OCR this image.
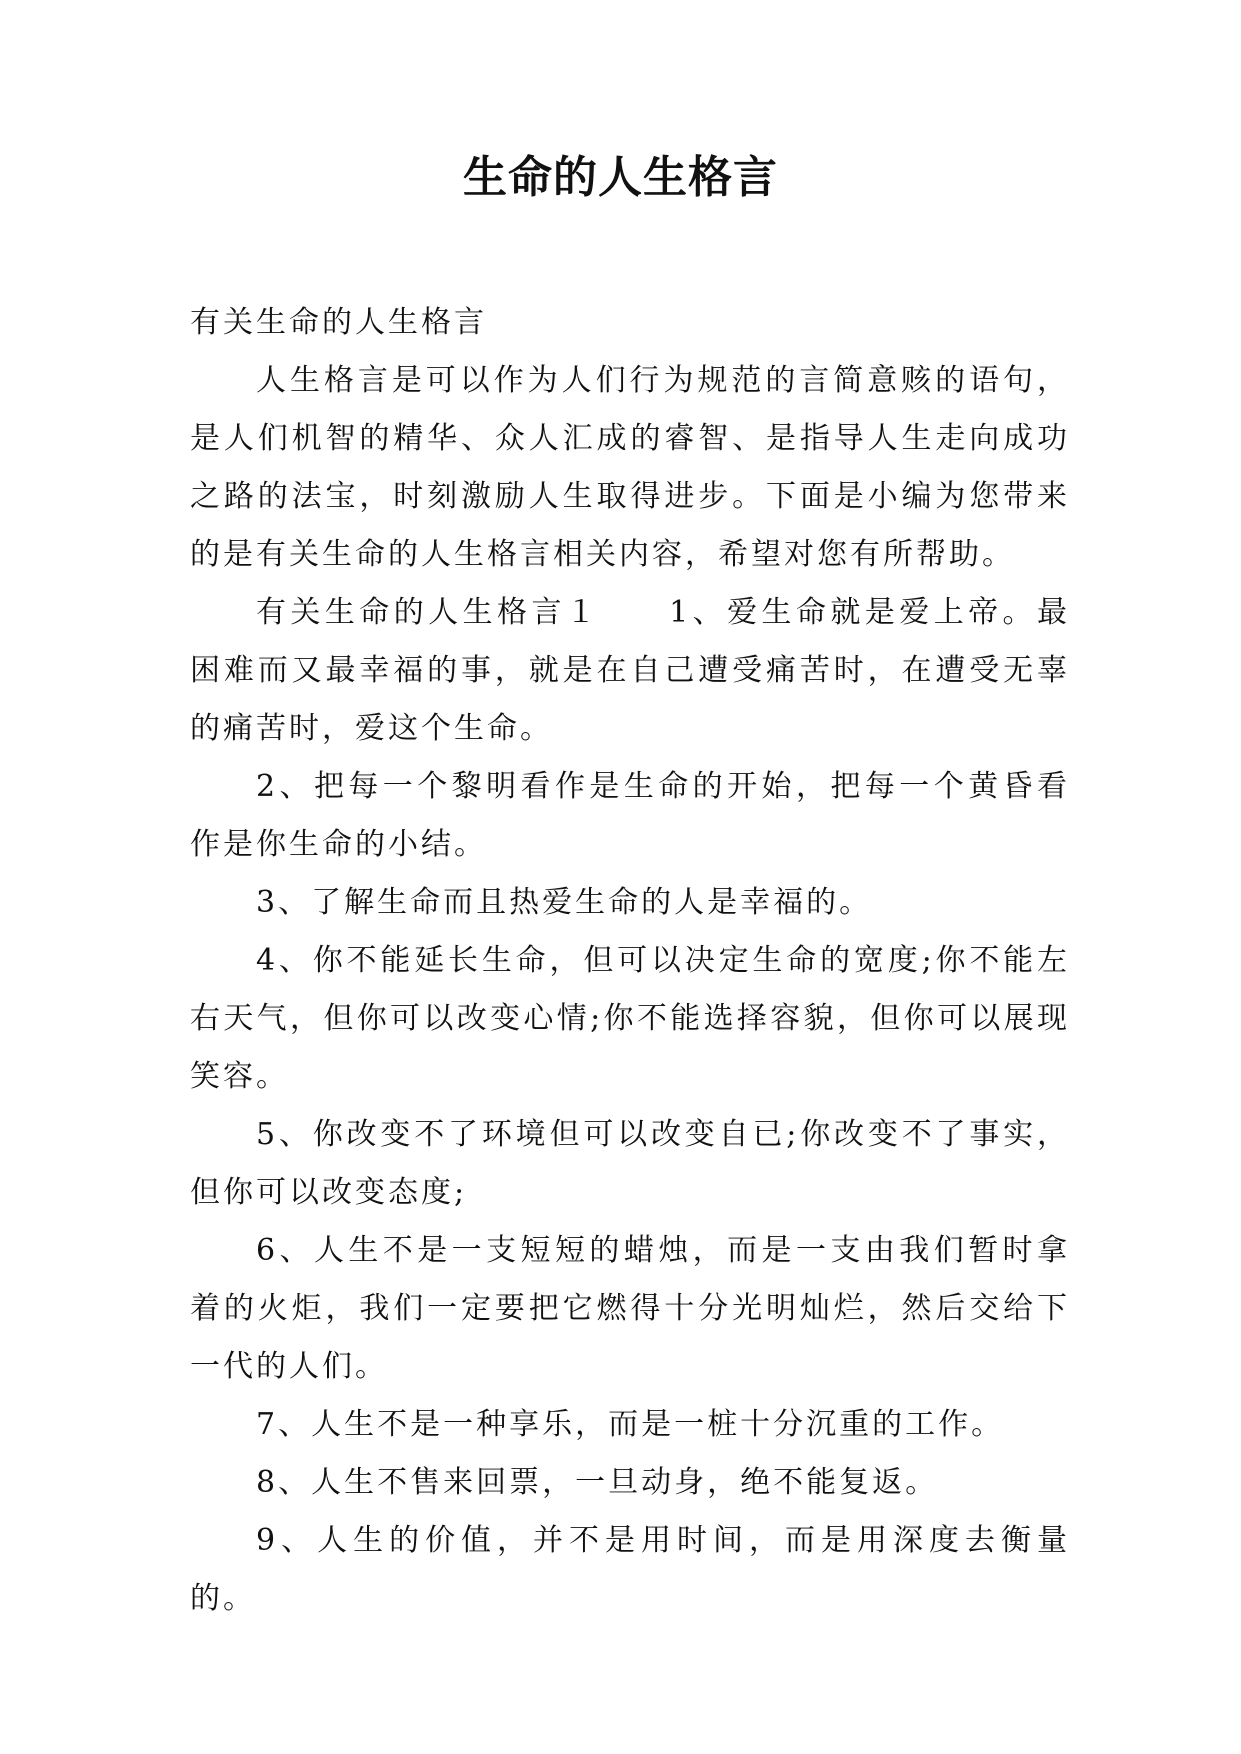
生命的人生格言

有关生命的人生格言

人生格言是可以作为人们行为规范的言简意赅的语句，是人们机智的精华、众人汇成的睿智、是指导人生走向成功之路的法宝，时刻激励人生取得进步。下面是小编为您带来的是有关生命的人生格言相关内容，希望对您有所帮助。

有关生命的人生格言１　　1、爱生命就是爱上帝。最困难而又最幸福的事，就是在自己遭受痛苦时，在遭受无辜的痛苦时，爱这个生命。

2、把每一个黎明看作是生命的开始，把每一个黄昏看作是你生命的小结。

3、了解生命而且热爱生命的人是幸福的。

4、你不能延长生命，但可以决定生命的宽度;你不能左右天气，但你可以改变心情;你不能选择容貌，但你可以展现笑容。

5、你改变不了环境但可以改变自已;你改变不了事实，但你可以改变态度;

6、人生不是一支短短的蜡烛，而是一支由我们暂时拿着的火炬，我们一定要把它燃得十分光明灿烂，然后交给下一代的人们。

7、人生不是一种享乐，而是一桩十分沉重的工作。

8、人生不售来回票，一旦动身，绝不能复返。

9、人生的价值，并不是用时间，而是用深度去衡量的。
